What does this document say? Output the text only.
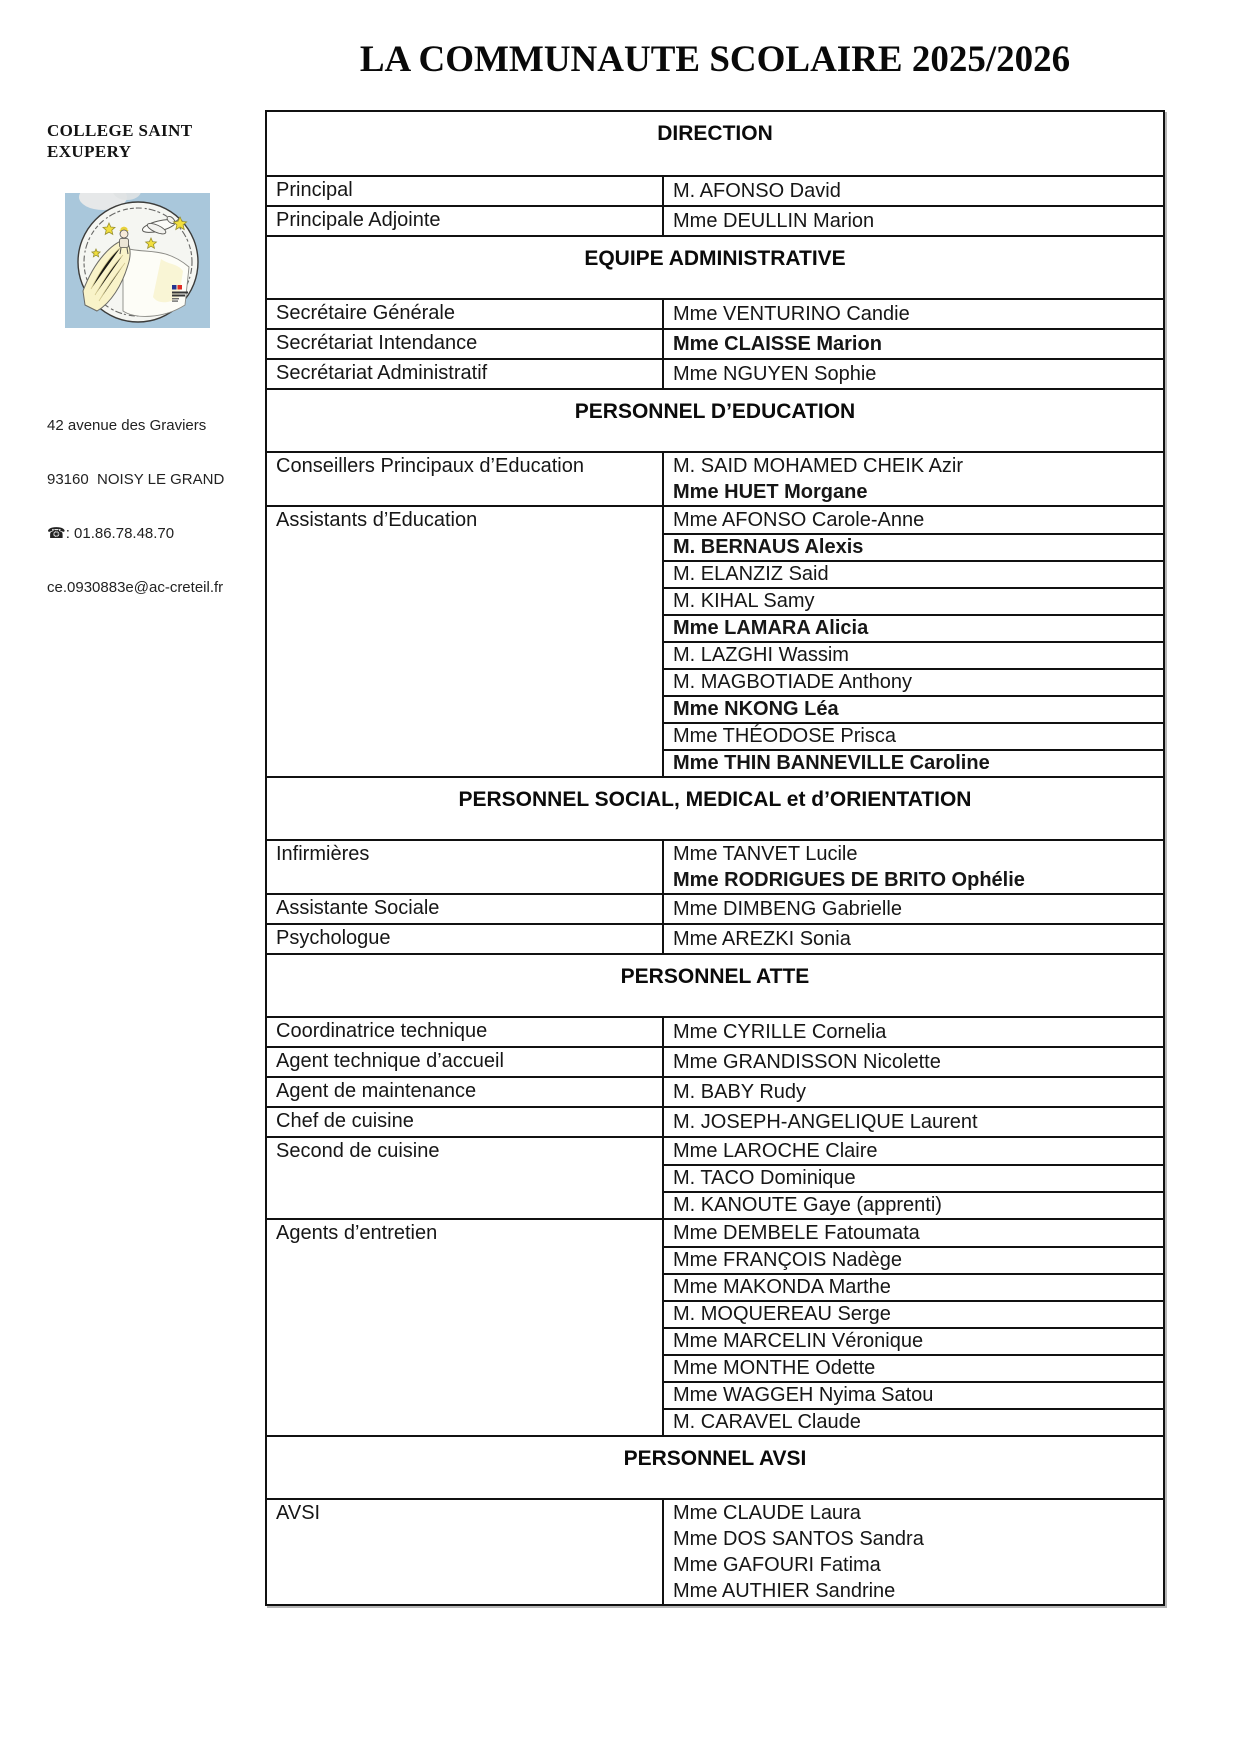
LA COMMUNAUTE SCOLAIRE 2025/2026
COLLEGE SAINT
EXUPERY

42 avenue des Graviers

93160  NOISY LE GRAND

☎: 01.86.78.48.70

ce.0930883e@ac-creteil.fr

DIRECTION
Principal	M. AFONSO David
Principale Adjointe	Mme DEULLIN Marion
EQUIPE ADMINISTRATIVE
Secrétaire Générale	Mme VENTURINO Candie
Secrétariat Intendance	Mme CLAISSE Marion
Secrétariat Administratif	Mme NGUYEN Sophie
PERSONNEL D’EDUCATION
Conseillers Principaux d’Education	M. SAID MOHAMED CHEIK Azir
Mme HUET Morgane
Assistants d’Education	Mme AFONSO Carole-Anne
M. BERNAUS Alexis
M. ELANZIZ Said
M. KIHAL Samy
Mme LAMARA Alicia
M. LAZGHI Wassim
M. MAGBOTIADE Anthony
Mme NKONG Léa
Mme THÉODOSE Prisca
Mme THIN BANNEVILLE Caroline
PERSONNEL SOCIAL, MEDICAL et d’ORIENTATION
Infirmières	Mme TANVET Lucile
Mme RODRIGUES DE BRITO Ophélie
Assistante Sociale	Mme DIMBENG Gabrielle
Psychologue	Mme AREZKI Sonia
PERSONNEL ATTE
Coordinatrice technique	Mme CYRILLE Cornelia
Agent technique d’accueil	Mme GRANDISSON Nicolette
Agent de maintenance	M. BABY Rudy
Chef de cuisine	M. JOSEPH-ANGELIQUE Laurent
Second de cuisine	Mme LAROCHE Claire
M. TACO Dominique
M. KANOUTE Gaye (apprenti)
Agents d’entretien	Mme DEMBELE Fatoumata
Mme FRANÇOIS Nadège
Mme MAKONDA Marthe
M. MOQUEREAU Serge
Mme MARCELIN Véronique
Mme MONTHE Odette
Mme WAGGEH Nyima Satou
M. CARAVEL Claude
PERSONNEL AVSI
AVSI	Mme CLAUDE Laura
Mme DOS SANTOS Sandra
Mme GAFOURI Fatima
Mme AUTHIER Sandrine
